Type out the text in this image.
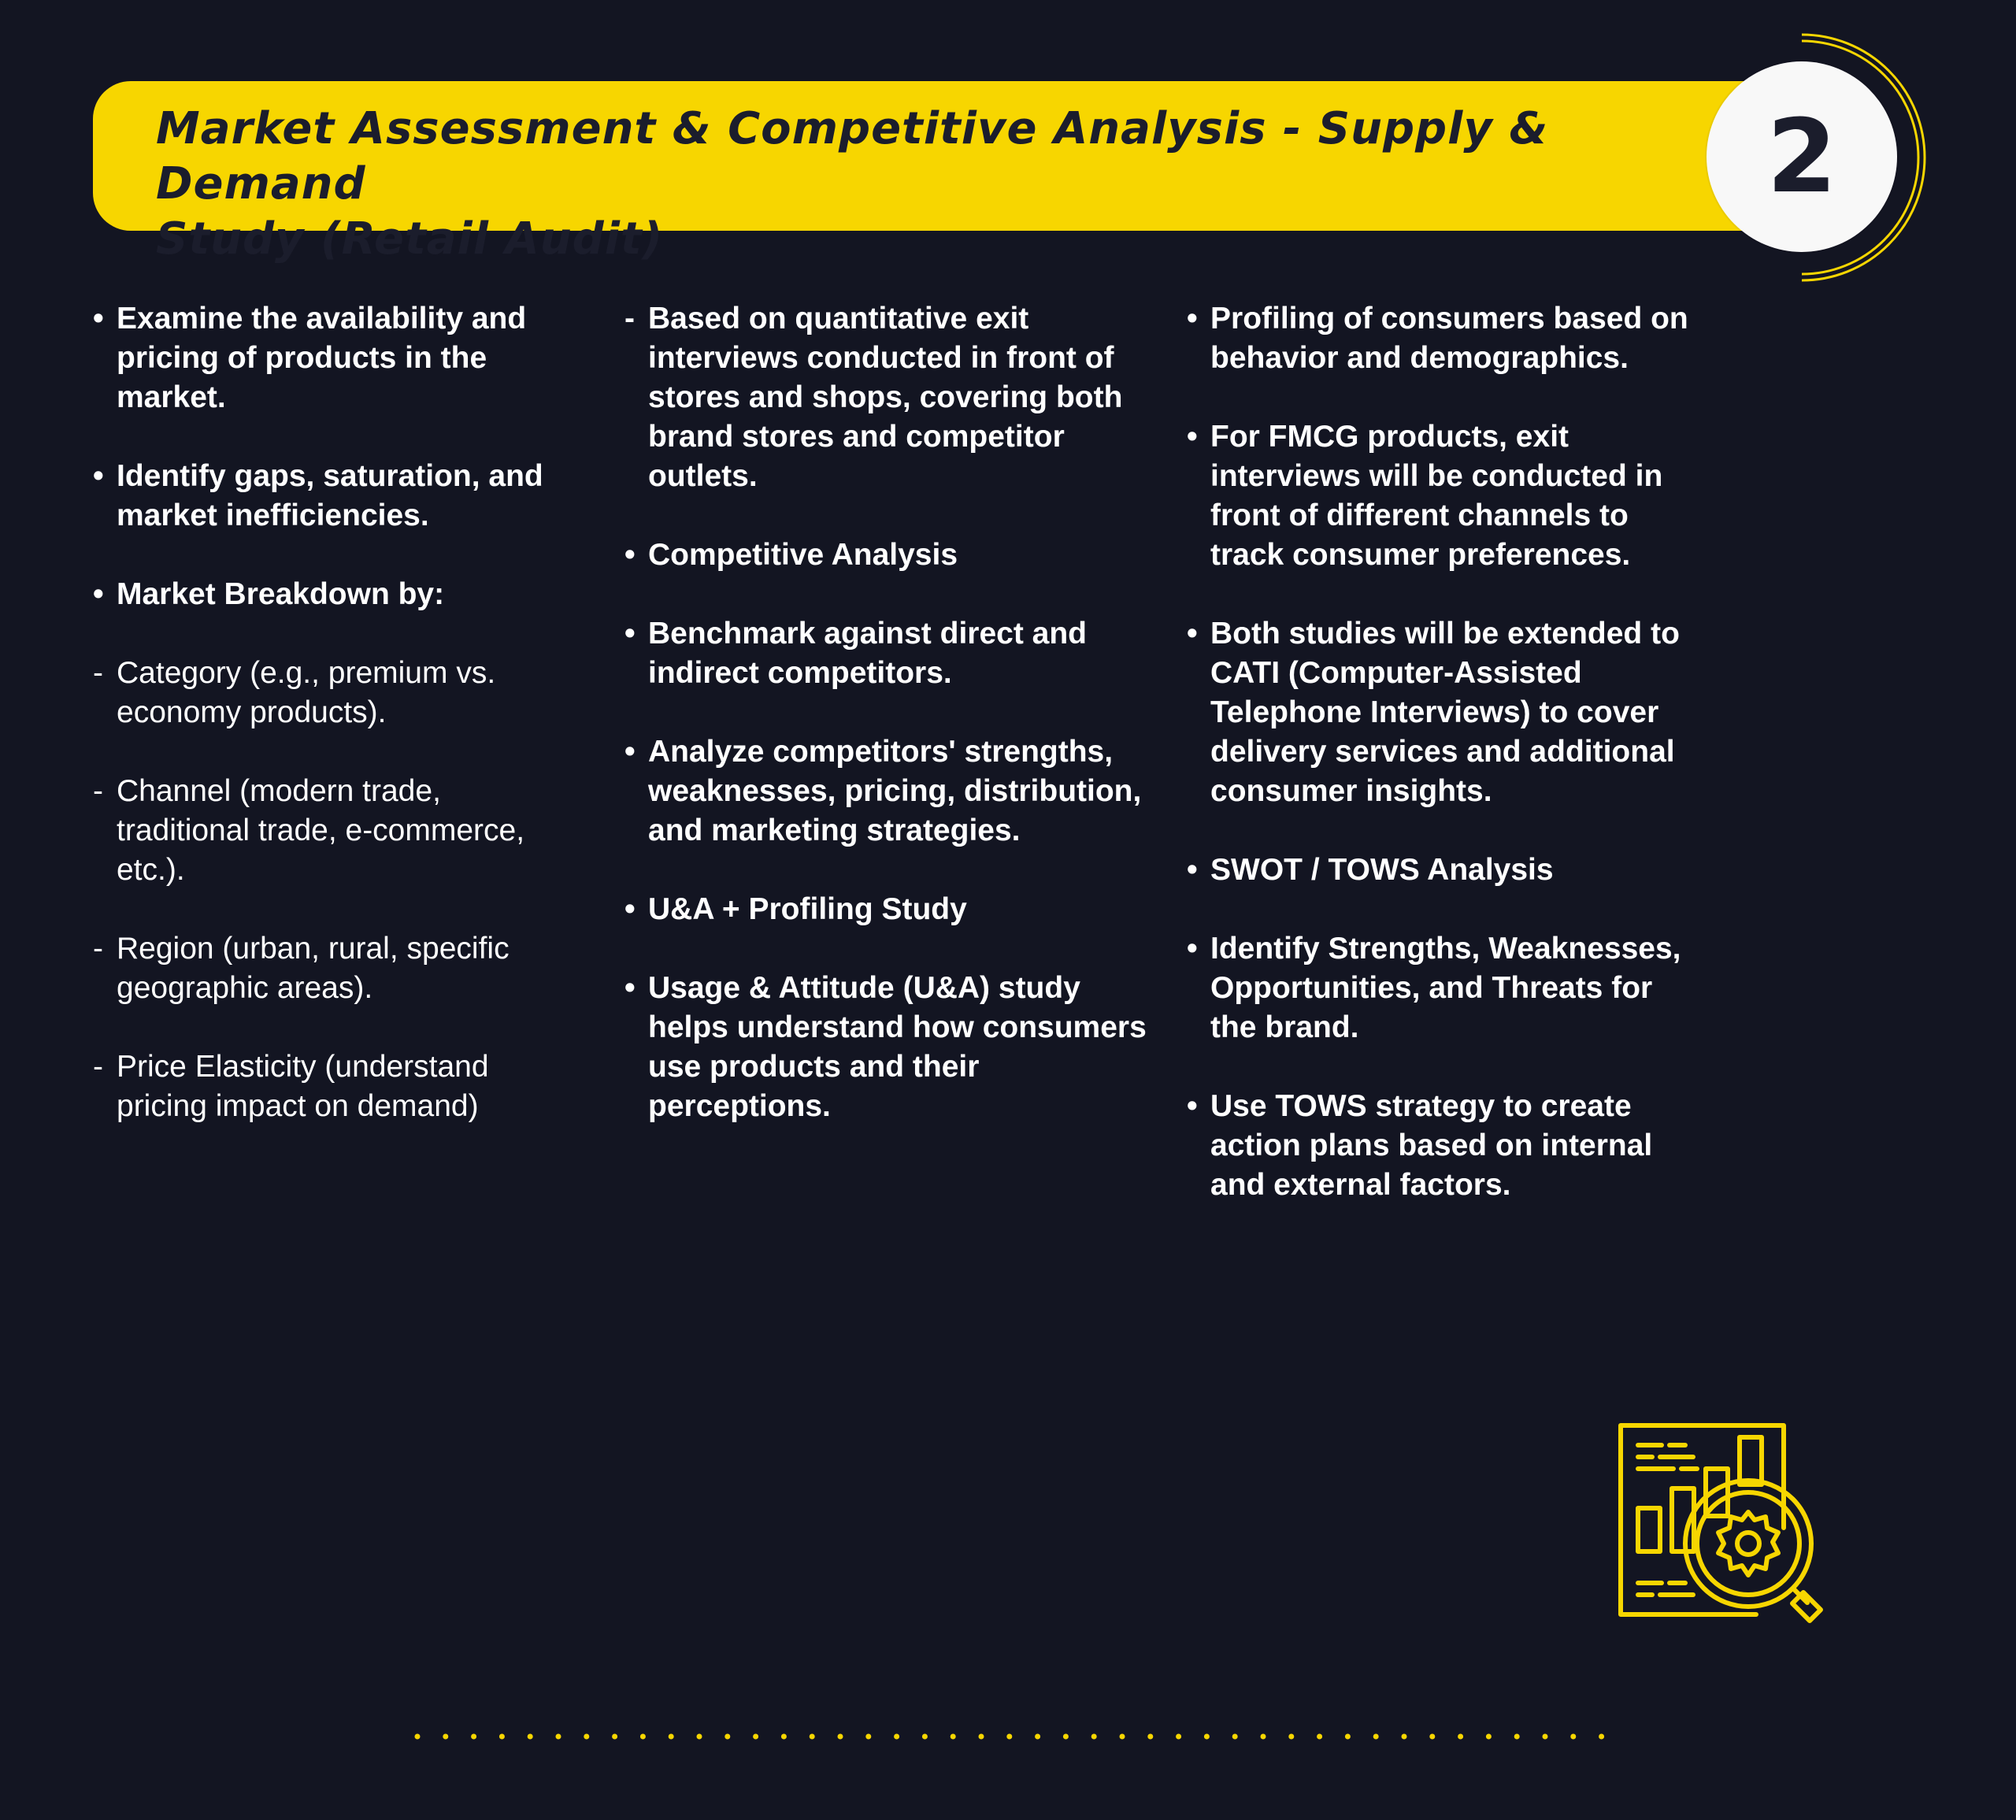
Market Assessment & Competitive Analysis - Supply & Demand
Study (Retail Audit)
2
• Examine the availability and pricing of products in the market.
• Identify gaps, saturation, and market inefficiencies.
• Market Breakdown by:
- Category (e.g., premium vs. economy products).
- Channel (modern trade, traditional trade, e-commerce, etc.).
- Region (urban, rural, specific geographic areas).
- Price Elasticity (understand pricing impact on demand)
- Based on quantitative exit interviews conducted in front of stores and shops, covering both brand stores and competitor outlets.
• Competitive Analysis
• Benchmark against direct and indirect competitors.
• Analyze competitors' strengths, weaknesses, pricing, distribution, and marketing strategies.
• U&A + Profiling Study
• Usage & Attitude (U&A) study helps understand how consumers use products and their perceptions.
• Profiling of consumers based on behavior and demographics.
• For FMCG products, exit interviews will be conducted in front of different channels to track consumer preferences.
• Both studies will be extended to CATI (Computer-Assisted Telephone Interviews) to cover delivery services and additional consumer insights.
• SWOT / TOWS Analysis
• Identify Strengths, Weaknesses, Opportunities, and Threats for the brand.
• Use TOWS strategy to create action plans based on internal and external factors.
